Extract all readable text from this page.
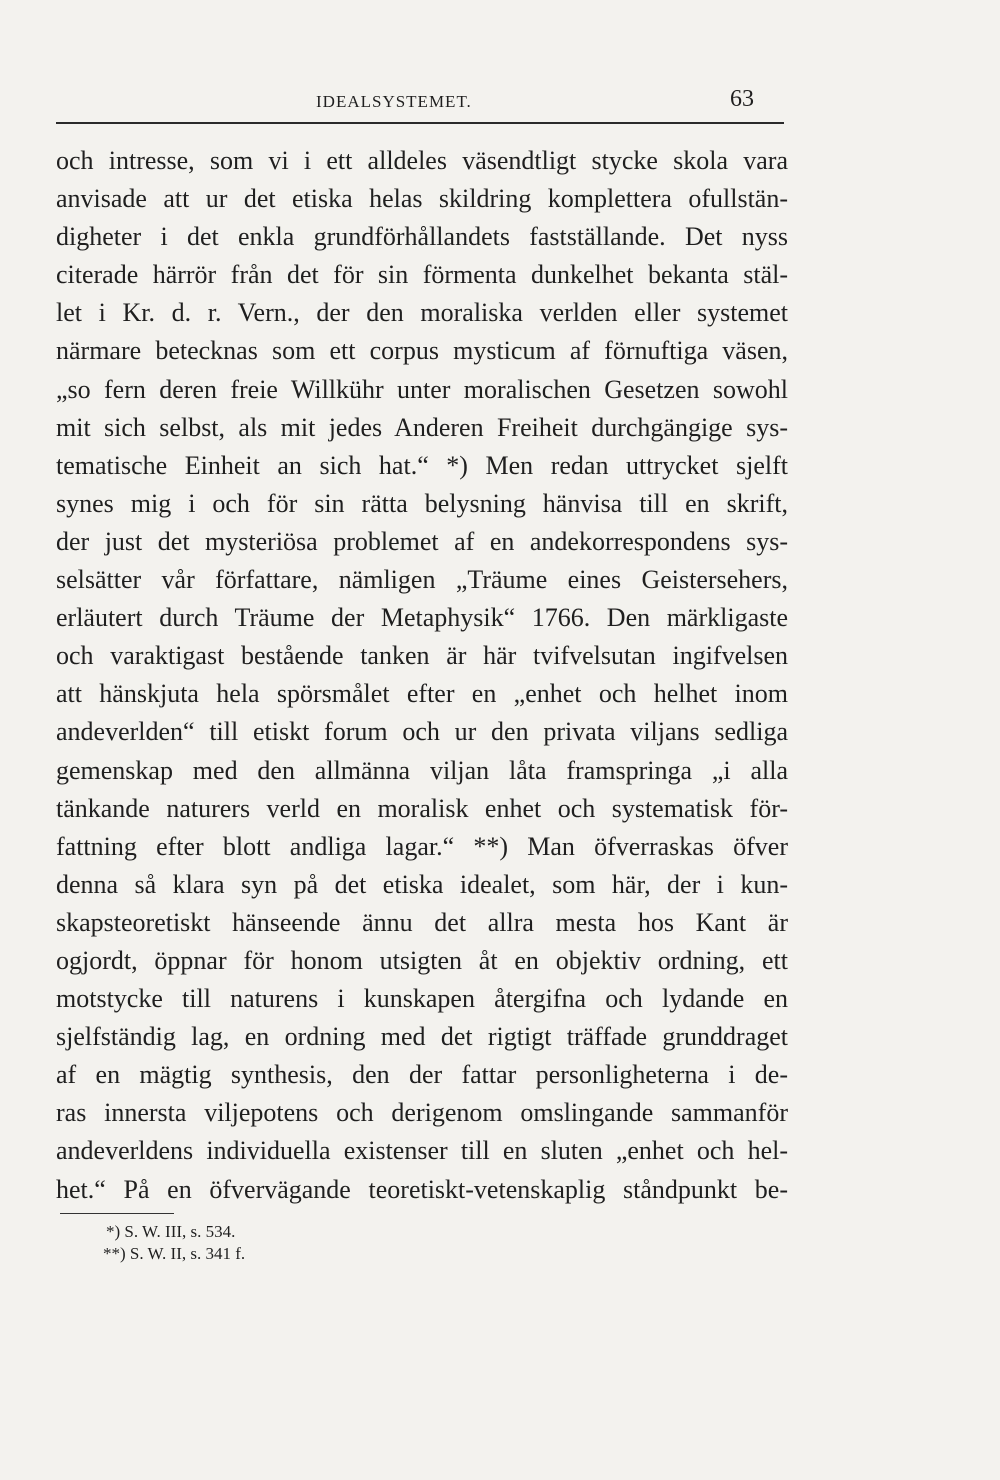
IDEALSYSTEMET.	63
och intresse, som vi i ett alldeles väsendtligt stycke skola vara
anvisade att ur det etiska helas skildring komplettera ofullstän-
digheter i det enkla grundförhållandets fastställande. Det nyss
citerade härrör från det för sin förmenta dunkelhet bekanta stäl-
let i Kr. d. r. Vern., der den moraliska verlden eller systemet
närmare betecknas som ett corpus mysticum af förnuftiga väsen,
„so fern deren freie Willkühr unter moralischen Gesetzen sowohl
mit sich selbst, als mit jedes Anderen Freiheit durchgängige sys-
tematische Einheit an sich hat.“ *) Men redan uttrycket sjelft
synes mig i och för sin rätta belysning hänvisa till en skrift,
der just det mysteriösa problemet af en andekorrespondens sys-
selsätter vår författare, nämligen „Träume eines Geistersehers,
erläutert durch Träume der Metaphysik“ 1766. Den märkligaste
och varaktigast bestående tanken är här tvifvelsutan ingifvelsen
att hänskjuta hela spörsmålet efter en „enhet och helhet inom
andeverlden“ till etiskt forum och ur den privata viljans sedliga
gemenskap med den allmänna viljan låta framspringa „i alla
tänkande naturers verld en moralisk enhet och systematisk för-
fattning efter blott andliga lagar.“ **) Man öfverraskas öfver
denna så klara syn på det etiska idealet, som här, der i kun-
skapsteoretiskt hänseende ännu det allra mesta hos Kant är
ogjordt, öppnar för honom utsigten åt en objektiv ordning, ett
motstycke till naturens i kunskapen återgifna och lydande en
sjelfständig lag, en ordning med det rigtigt träffade grunddraget
af en mägtig synthesis, den der fattar personligheterna i de-
ras innersta viljepotens och derigenom omslingande sammanför
andeverldens individuella existenser till en sluten „enhet och hel-
het.“ På en öfvervägande teoretiskt-vetenskaplig ståndpunkt be-
*) S. W. III, s. 534.
**) S. W. II, s. 341 f.
